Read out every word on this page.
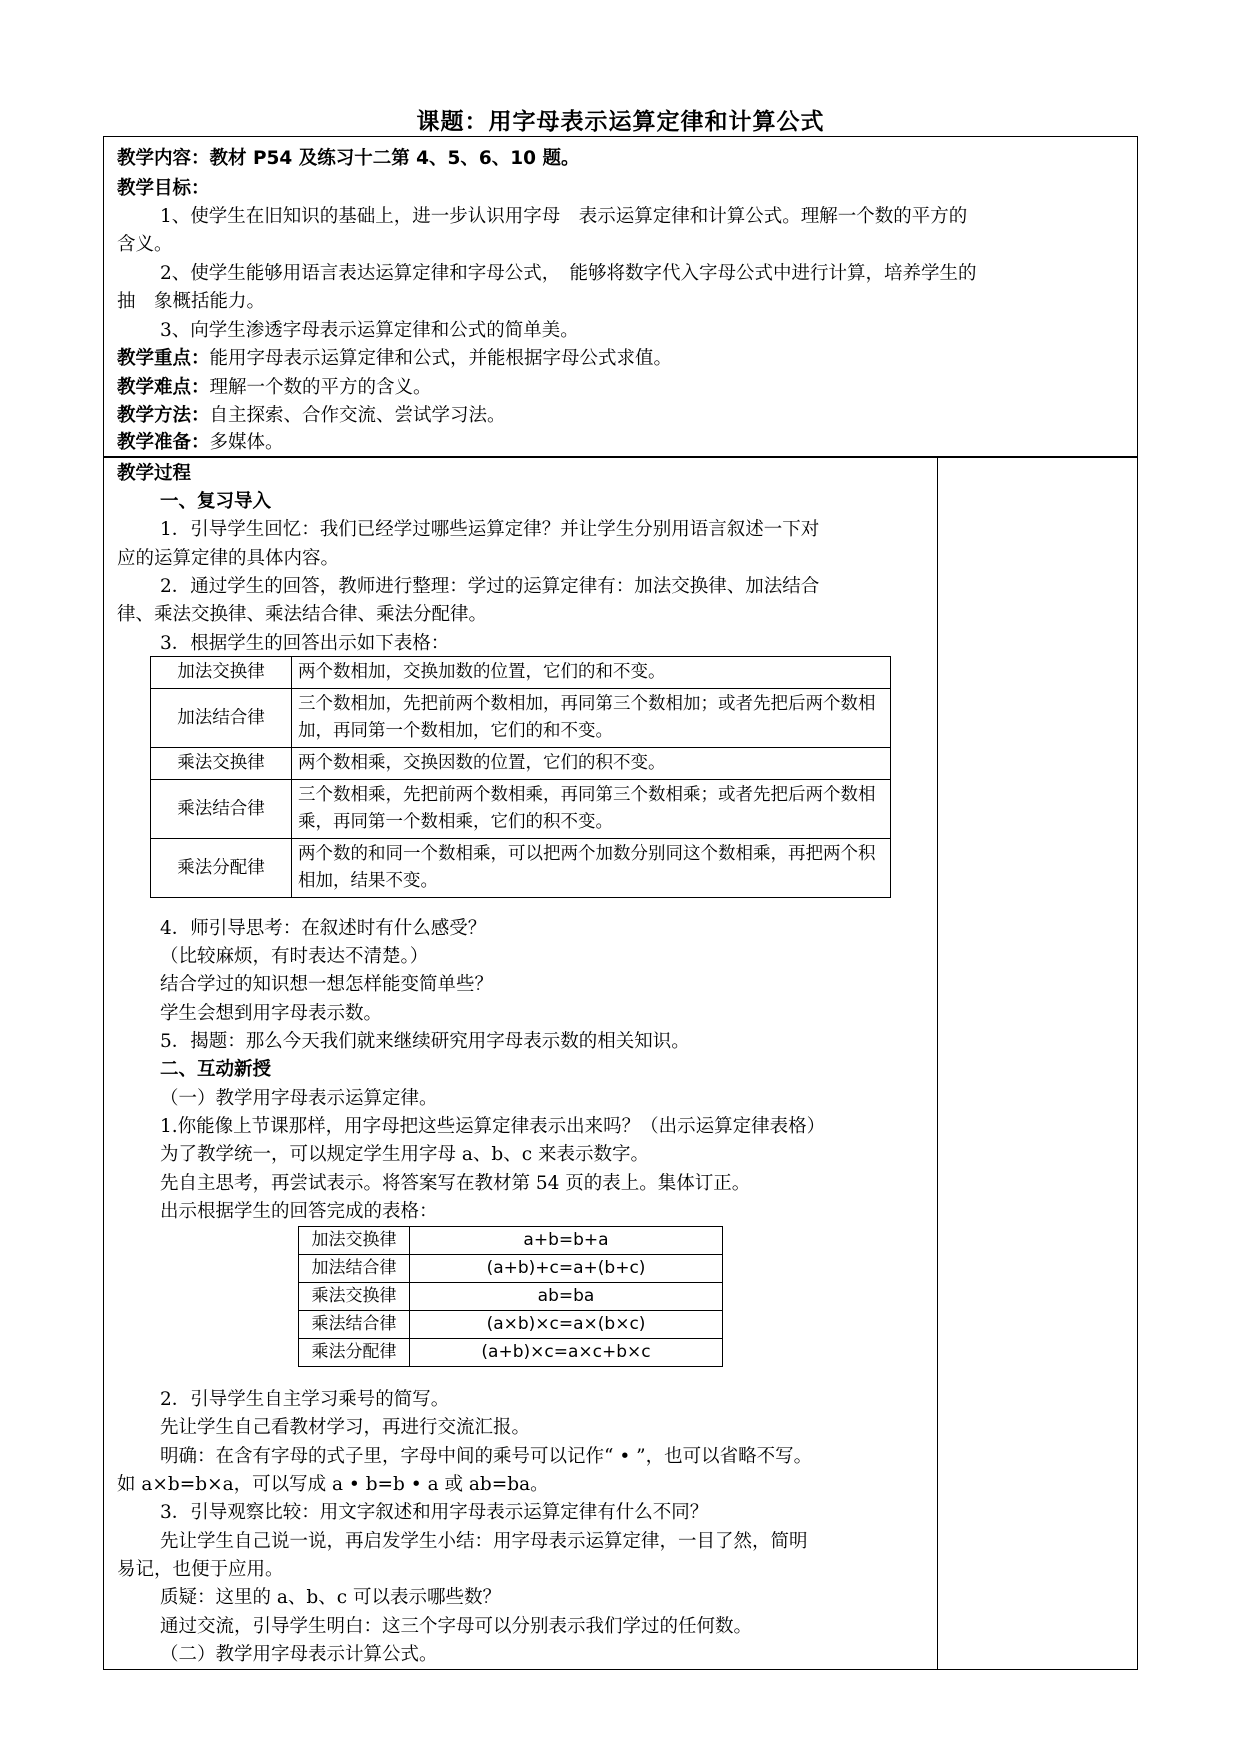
课题：用字母表示运算定律和计算公式
教学内容：教材 P54 及练习十二第 4、5、6、10 题。
教学目标：
1、使学生在旧知识的基础上，进一步认识用字母　表示运算定律和计算公式。理解一个数的平方的
含义。
2、使学生能够用语言表达运算定律和字母公式，　能够将数字代入字母公式中进行计算，培养学生的
抽　象概括能力。
3、向学生渗透字母表示运算定律和公式的简单美。
教学重点：能用字母表示运算定律和公式，并能根据字母公式求值。
教学难点：理解一个数的平方的含义。
教学方法：自主探索、合作交流、尝试学习法。
教学准备：多媒体。
教学过程
一、复习导入
1．引导学生回忆：我们已经学过哪些运算定律？并让学生分别用语言叙述一下对
应的运算定律的具体内容。
2．通过学生的回答，教师进行整理：学过的运算定律有：加法交换律、加法结合
律、乘法交换律、乘法结合律、乘法分配律。
3．根据学生的回答出示如下表格：
加法交换律	两个数相加，交换加数的位置，它们的和不变。

加法结合律	三个数相加，先把前两个数相加，再同第三个数相加；或者先把后两个数相
加，再同第一个数相加，它们的和不变。

乘法交换律	两个数相乘，交换因数的位置，它们的积不变。

乘法结合律	三个数相乘，先把前两个数相乘，再同第三个数相乘；或者先把后两个数相
乘，再同第一个数相乘，它们的积不变。

乘法分配律	两个数的和同一个数相乘，可以把两个加数分别同这个数相乘，再把两个积
相加，结果不变。
4．师引导思考：在叙述时有什么感受？
（比较麻烦，有时表达不清楚。）
结合学过的知识想一想怎样能变简单些？
学生会想到用字母表示数。
5．揭题：那么今天我们就来继续研究用字母表示数的相关知识。
二、互动新授
（一）教学用字母表示运算定律。
1.你能像上节课那样，用字母把这些运算定律表示出来吗？（出示运算定律表格）
为了教学统一，可以规定学生用字母 a、b、c 来表示数字。
先自主思考，再尝试表示。将答案写在教材第 54 页的表上。集体订正。
出示根据学生的回答完成的表格：
加法交换律	a+b=b+a
加法结合律	(a+b)+c=a+(b+c)
乘法交换律	ab=ba
乘法结合律	(a×b)×c=a×(b×c)
乘法分配律	(a+b)×c=a×c+b×c
2．引导学生自主学习乘号的简写。
先让学生自己看教材学习，再进行交流汇报。
明确：在含有字母的式子里，字母中间的乘号可以记作“ • ”，也可以省略不写。
如 a×b=b×a，可以写成 a • b=b • a 或 ab=ba。
3．引导观察比较：用文字叙述和用字母表示运算定律有什么不同？
先让学生自己说一说，再启发学生小结：用字母表示运算定律，一目了然，简明
易记，也便于应用。
质疑：这里的 a、b、c 可以表示哪些数？
通过交流，引导学生明白：这三个字母可以分别表示我们学过的任何数。
（二）教学用字母表示计算公式。
